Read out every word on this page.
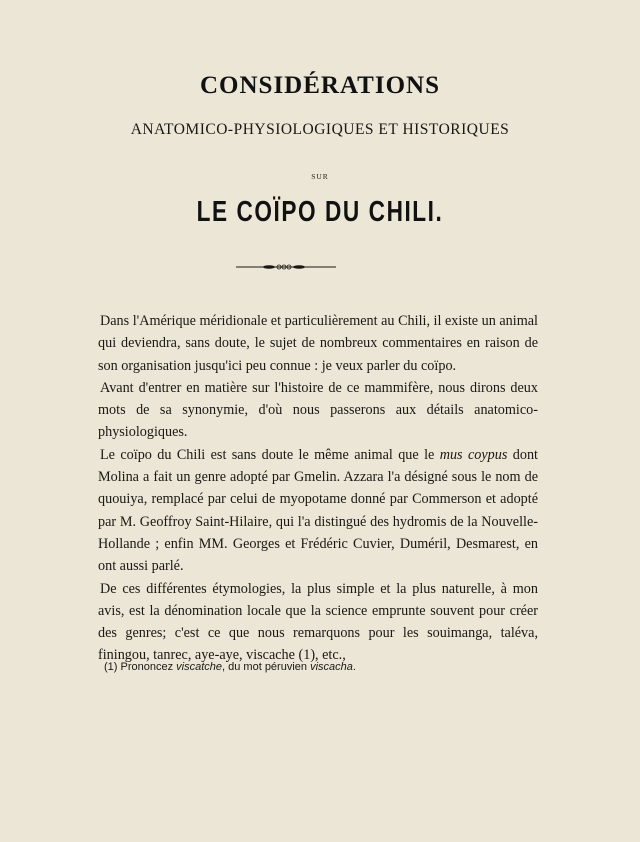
CONSIDÉRATIONS
ANATOMICO-PHYSIOLOGIQUES ET HISTORIQUES
SUR
LE COÏPO DU CHILI.

Dans l'Amérique méridionale et particulièrement au Chili, il existe un animal qui deviendra, sans doute, le sujet de nombreux commentaires en raison de son organisation jusqu'ici peu connue : je veux parler du coïpo.

Avant d'entrer en matière sur l'histoire de ce mammifère, nous dirons deux mots de sa synonymie, d'où nous passerons aux détails anatomico-physiologiques.

Le coïpo du Chili est sans doute le même animal que le mus coypus dont Molina a fait un genre adopté par Gmelin. Azzara l'a désigné sous le nom de quouiya, remplacé par celui de myopotame donné par Commerson et adopté par M. Geoffroy Saint-Hilaire, qui l'a distingué des hydromis de la Nouvelle-Hollande ; enfin MM. Georges et Frédéric Cuvier, Duméril, Desmarest, en ont aussi parlé.

De ces différentes étymologies, la plus simple et la plus naturelle, à mon avis, est la dénomination locale que la science emprunte souvent pour créer des genres; c'est ce que nous remarquons pour les souimanga, taléva, finingou, tanrec, aye-aye, viscache (1), etc.,

(1) Prononcez viscatche, du mot péruvien viscacha.
